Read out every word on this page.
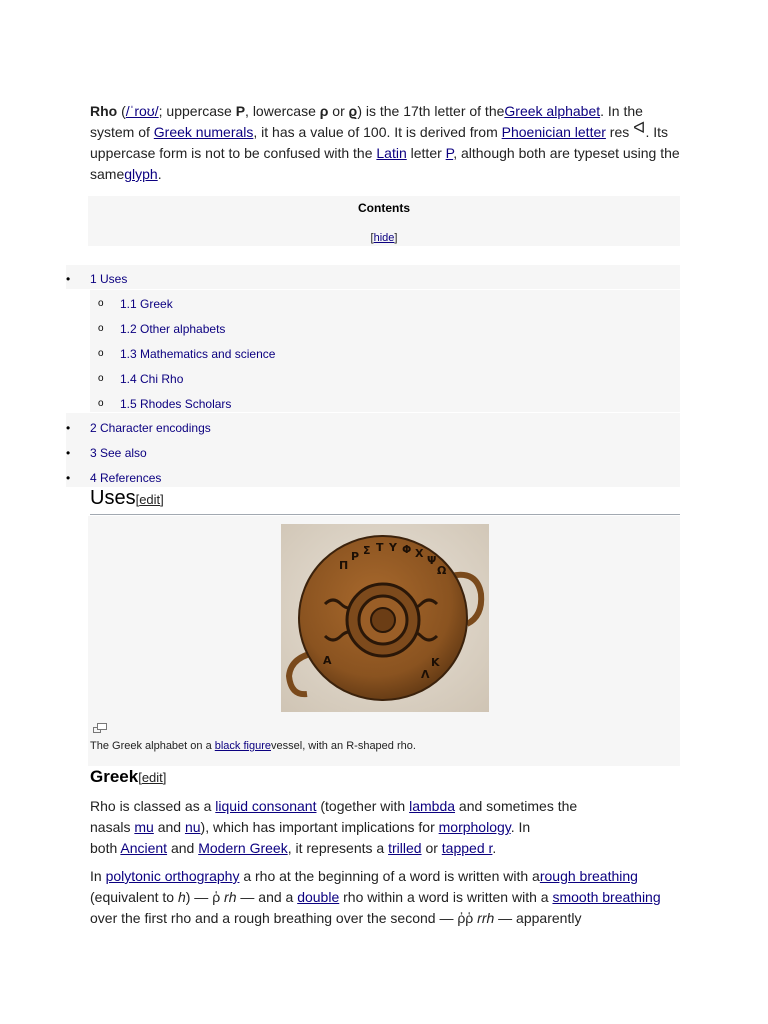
Rho (/ˈroʊ/; uppercase Ρ, lowercase ρ or ϱ) is the 17th letter of theGreek alphabet. In the system of Greek numerals, it has a value of 100. It is derived from Phoenician letter res ᐊ. Its uppercase form is not to be confused with the Latin letter P, although both are typeset using the sameglyph.

Contents
[hide]
• 1 Uses
o 1.1 Greek
o 1.2 Other alphabets
o 1.3 Mathematics and science
o 1.4 Chi Rho
o 1.5 Rhodes Scholars
• 2 Character encodings
• 3 See also
• 4 References
Uses[edit]
Ρ Σ Τ Υ Φ Χ
Ψ
Π	Ω
Α	Κ
Λ
The Greek alphabet on a black figurevessel, with an R-shaped rho.
Greek[edit]

Rho is classed as a liquid consonant (together with lambda and sometimes the
nasals mu and nu), which has important implications for morphology. In
both Ancient and Modern Greek, it represents a trilled or tapped r.

In polytonic orthography a rho at the beginning of a word is written with arough breathing (equivalent to h) — ῥ rh — and a double rho within a word is written with a smooth breathing over the first rho and a rough breathing over the second — ῤῥ rrh — apparently
